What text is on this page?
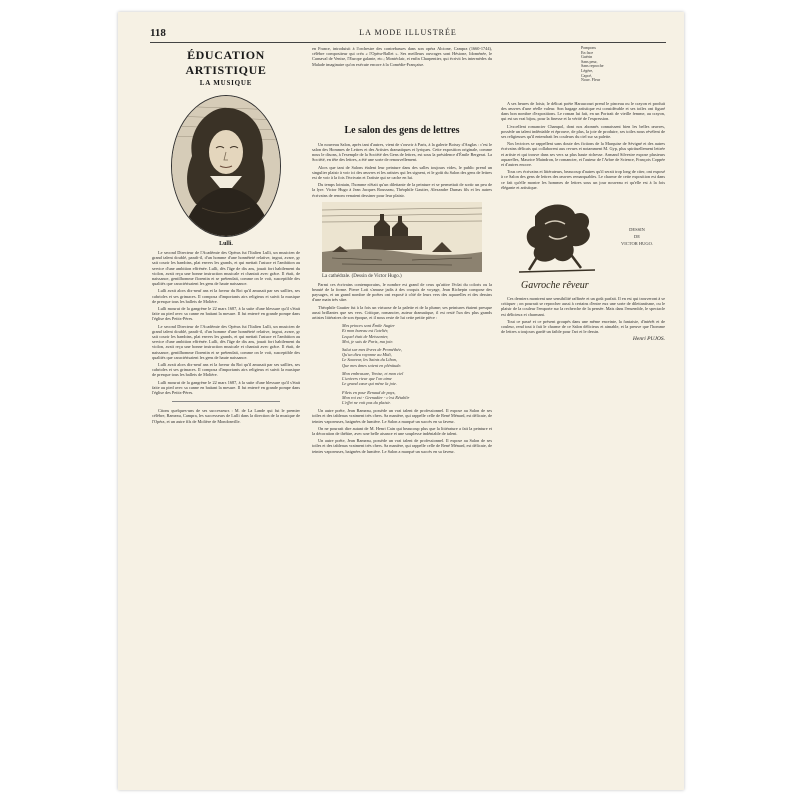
118	LA MODE ILLUSTRÉE
ÉDUCATION ARTISTIQUE
LA MUSIQUE
Lulli.

Le second Directeur de l'Académie des Opéras fut l'Italien Lulli, un musicien de grand talent doublé, paraît-il, d'un homme d'une honnêteté relative, ingrat, avare, gr sait courir les bambins, plat envers les grands, et qui mettait l'astuce et l'ambition au service d'une ambition effrénée. Lulli, dès l'âge de dix ans, jouait fort habilement du violon, avait reçu une bonne instruction musicale et chantait avec grâce. Il était, de naissance, gentilhomme florentin et se prétendait, comme on le voit, susceptible des qualités que caractérisaient les gens de haute naissance.

Lulli avait alors dix-neuf ans et la faveur du Roi qu'il amusait par ses saillies, ses cabrioles et ses grimaces. Il composa d'importants airs religieux et suivit la musique de presque tous les ballets de Molière.

Lulli mourut de la gangrène le 22 mars 1687, à la suite d'une blessure qu'il s'était faite au pied avec sa canne en battant la mesure. Il fut enterré en grande pompe dans l'église des Petits-Pères.

Le second Directeur de l'Académie des Opéras fut l'Italien Lulli, un musicien de grand talent doublé, paraît-il, d'un homme d'une honnêteté relative, ingrat, avare, gr sait courir les bambins, plat envers les grands, et qui mettait l'astuce et l'ambition au service d'une ambition effrénée. Lulli, dès l'âge de dix ans, jouait fort habilement du violon, avait reçu une bonne instruction musicale et chantait avec grâce. Il était, de naissance, gentilhomme florentin et se prétendait, comme on le voit, susceptible des qualités que caractérisaient les gens de haute naissance.

Lulli avait alors dix-neuf ans et la faveur du Roi qu'il amusait par ses saillies, ses cabrioles et ses grimaces. Il composa d'importants airs religieux et suivit la musique de presque tous les ballets de Molière.

Lulli mourut de la gangrène le 22 mars 1687, à la suite d'une blessure qu'il s'était faite au pied avec sa canne en battant la mesure. Il fut enterré en grande pompe dans l'église des Petits-Pères.

Citons quelques-uns de ses successeurs : M. de La Lande qui fut le premier célèbre, Rameau, Campra, les successeurs de Lulli dans la direction de la musique de l'Opéra, et un autre fils de Molière de Mondonville.

en France, introduisit à l'orchestre des contrebasses dans son opéra Alcione, Campra (1660-1744), célèbre compositeur qui créa « l'Opéra-Ballet ». Ses meilleurs ouvrages sont Hésione, Idoménée, le Carnaval de Venise, l'Europe galante, etc.; Montéclair, et enfin Charpentier, qui écrivit les intermèdes du Malade imaginaire qu'on exécute encore à la Comédie-Française.

Le salon des gens de lettres

Un nouveau Salon, après tant d'autres, vient de s'ouvrir à Paris, à la galerie Boissy d'Anglas : c'est le salon des Hommes de Lettres et des Artistes dramatiques et lyriques. Cette exposition originale, comme nous le disons, à l'exemple de la Société des Gens de lettres, est sous la présidence d'Émile Bergerat. La Société, en tête des lettres, a été une sorte de renouvellement.

Alors que tant de Salons étalent leur peinture dans des salles toujours vides, le public prend un singulier plaisir à voir ici des œuvres et les artistes qui les signent, et le goût du Salon des gens de lettres est de voir à la fois l'écrivain et l'artiste qui se cache en lui.

Du temps lointain, l'homme n'était qu'un dilettante de la peinture et se permettait de sortir un peu de la lyre. Victor Hugo à Jean Jacques Rousseau, Théophile Gautier, Alexandre Dumas fils et les autres écrivains de renom venaient dessiner pour leur plaisir.

La cathédrale. (Dessin de Victor Hugo.)

Parmi ces écrivains contemporains, le nombre est grand de ceux qu'attire l'éclat du coloris ou la beauté de la forme. Pierre Loti s'amuse jadis à des croquis de voyage, Jean Richepin compose des paysages, et un grand nombre de poètes ont exposé à côté de leurs vers des aquarelles et des dessins d'une main très sûre.

Théophile Gautier fut à la fois un virtuose de la palette et de la plume; ses peintures étaient presque aussi brillantes que ses vers. Critique, romancier, auteur dramatique, il est resté l'un des plus grands artistes littéraires de son époque, et il nous reste de lui cette petite pièce :

Mes princes sont Émile Augier
Et mon bureau est l'ateliér,
Lequel était de Meissonier,
Moi, je suis de Paris, ma joie.
Salut sur mes lèvres de Prométhée,
Qu'un dieu rayonne au Midi,
Le Sauveur, les Saints du Liban,
Que mes âmes soient en plénitude.
Mon embrasure, Venise, et mon ciel
L'univers rieur que l'on aime
Le grand cœur qui mène la joie.
Filets en pour Renaud de pays,
Mon roi est - Grenadier - c'est Rétablir
L'effet ne voit pas du plaisir.

Un autre poète, Jean Rameau, possède un vrai talent de professionnel. Il expose au Salon de ses toiles et des tableaux vraiment très chers. Sa manière, qui rappelle celle de René Ménard, est délicate, de teintes vaporeuses, baignées de lumière. Le Salon a marqué un succès en sa faveur.

On ne pourrait dire autant de M. Henri Cain qui beaucoup plus que la littérature a fait la peinture et la décoration de théâtre, avec une belle aisance et une souplesse indéniable de talent.

Un autre poète, Jean Rameau, possède un vrai talent de professionnel. Il expose au Salon de ses toiles et des tableaux vraiment très chers. Sa manière, qui rappelle celle de René Ménard, est délicate, de teintes vaporeuses, baignées de lumière. Le Salon a marqué un succès en sa faveur.

Pompons
En face
Guérin
Sans peur,
Sans reproche
Légère,
Capcé,
Nouv. Fleur

A ses heures de loisir, le délicat poète Haraucourt prend le pinceau ou le crayon et produit des œuvres d'une réelle valeur. Son bagage artistique est considérable et ses toiles ont figuré dans bon nombre d'expositions. Le roman lui fait, en un Portrait de vieille femme, au crayon, qui est un vrai bijou, pour la finesse et la vérité de l'expression.

L'excellent romancier Champol, dont nos abonnés connaissent bien les belles œuvres, possède un talent indéniable et éprouve, de plus, la joie de produire, ses toiles nous révèlent de ses religieuses qu'il entendrait les couleurs du ciel sur sa palette.

Nos lectrices se rappellent sans doute des fictions de la Marquise de Sévigné et des autres écrivains délicats qui collaborent aux revues et notamment M. Gyp, plus spirituellement lettrée et artiste et qui trouve dans ses vers sa plus haute richesse. Armand Silvestre expose plusieurs aquarelles, Maurice Maindron, le romancier, et l'auteur de l'Arbre de Science, François Coppée et d'autres encore.

Tous ces écrivains et littérateurs, beaucoup d'autres qu'il serait trop long de citer, ont exposé à ce Salon des gens de lettres des œuvres remarquables. Le charme de cette exposition est dans ce fait qu'elle montre les hommes de lettres sous un jour nouveau et qu'elle est à la fois élégante et artistique.

DESSIN
DE
VICTOR HUGO.
Gavroche rêveur

Ces derniers montrent une sensibilité raffinée et un goût parfait. Il en est qui trouveront à se critiquer ; on pourrait se reprocher aussi à certains d'entre eux une sorte de dilettantisme, ou le plaisir de la couleur l'emporte sur la recherche de la pensée. Mais dans l'ensemble, le spectacle est délicieux et charmant.

Tout ce passé et ce présent groupés dans une même enceinte, la fantaisie, d'intérêt et de couleur, rend tout à fait le charme de ce Salon délicieux et aimable, et la preuve que l'homme de lettres a toujours gardé un faible pour l'art et le dessin.

Henri PUJOS.
